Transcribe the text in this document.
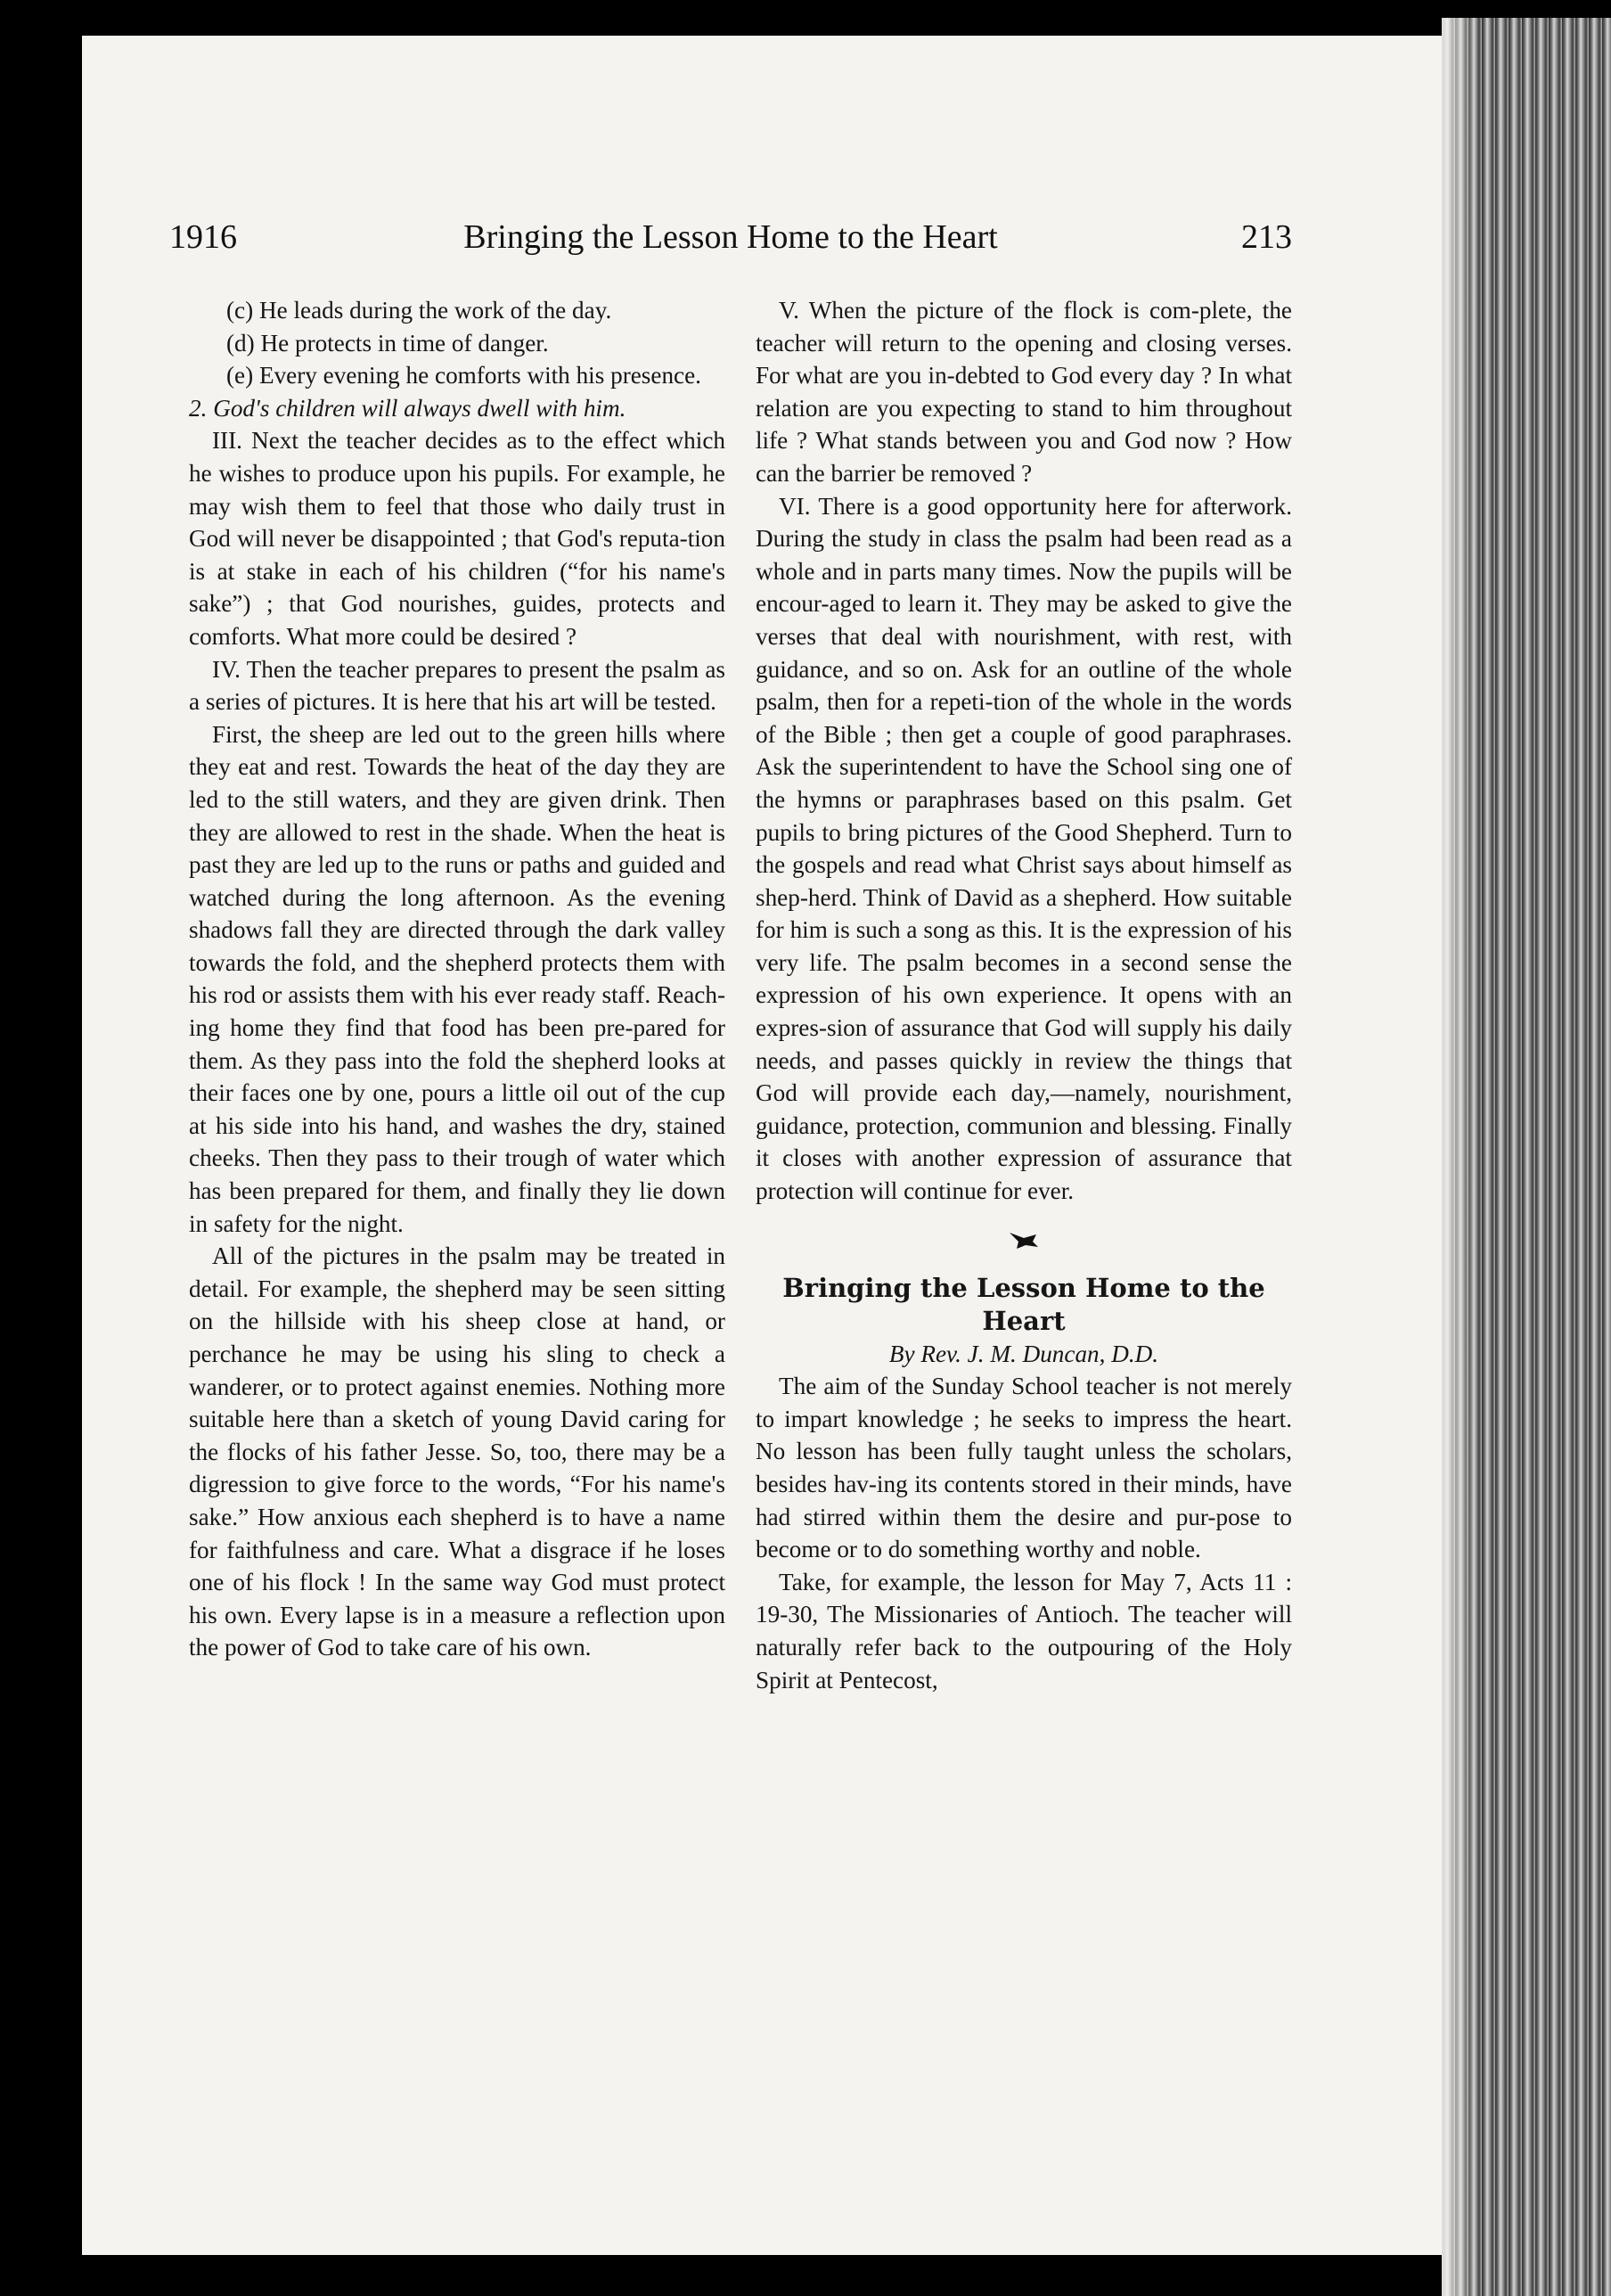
1916	Bringing the Lesson Home to the Heart	213

(c) He leads during the work of the day.

(d) He protects in time of danger.

(e) Every evening he comforts with his presence.

2. God's children will always dwell with him.

III. Next the teacher decides as to the effect which he wishes to produce upon his pupils. For example, he may wish them to feel that those who daily trust in God will never be disappointed ; that God's reputa-tion is at stake in each of his children (“for his name's sake”) ; that God nourishes, guides, protects and comforts. What more could be desired ?

IV. Then the teacher prepares to present the psalm as a series of pictures. It is here that his art will be tested.

First, the sheep are led out to the green hills where they eat and rest. Towards the heat of the day they are led to the still waters, and they are given drink. Then they are allowed to rest in the shade. When the heat is past they are led up to the runs or paths and guided and watched during the long afternoon. As the evening shadows fall they are directed through the dark valley towards the fold, and the shepherd protects them with his rod or assists them with his ever ready staff. Reach-ing home they find that food has been pre-pared for them. As they pass into the fold the shepherd looks at their faces one by one, pours a little oil out of the cup at his side into his hand, and washes the dry, stained cheeks. Then they pass to their trough of water which has been prepared for them, and finally they lie down in safety for the night.

All of the pictures in the psalm may be treated in detail. For example, the shepherd may be seen sitting on the hillside with his sheep close at hand, or perchance he may be using his sling to check a wanderer, or to protect against enemies. Nothing more suitable here than a sketch of young David caring for the flocks of his father Jesse. So, too, there may be a digression to give force to the words, “For his name's sake.” How anxious each shepherd is to have a name for faithfulness and care. What a disgrace if he loses one of his flock ! In the same way God must protect his own. Every lapse is in a measure a reflection upon the power of God to take care of his own.

V. When the picture of the flock is com-plete, the teacher will return to the opening and closing verses. For what are you in-debted to God every day ? In what relation are you expecting to stand to him throughout life ? What stands between you and God now ? How can the barrier be removed ?

VI. There is a good opportunity here for afterwork. During the study in class the psalm had been read as a whole and in parts many times. Now the pupils will be encour-aged to learn it. They may be asked to give the verses that deal with nourishment, with rest, with guidance, and so on. Ask for an outline of the whole psalm, then for a repeti-tion of the whole in the words of the Bible ; then get a couple of good paraphrases. Ask the superintendent to have the School sing one of the hymns or paraphrases based on this psalm. Get pupils to bring pictures of the Good Shepherd. Turn to the gospels and read what Christ says about himself as shep-herd. Think of David as a shepherd. How suitable for him is such a song as this. It is the expression of his very life. The psalm becomes in a second sense the expression of his own experience. It opens with an expres-sion of assurance that God will supply his daily needs, and passes quickly in review the things that God will provide each day,—namely, nourishment, guidance, protection, communion and blessing. Finally it closes with another expression of assurance that protection will continue for ever.

Bringing the Lesson Home to the Heart

By Rev. J. M. Duncan, D.D.

The aim of the Sunday School teacher is not merely to impart knowledge ; he seeks to impress the heart. No lesson has been fully taught unless the scholars, besides hav-ing its contents stored in their minds, have had stirred within them the desire and pur-pose to become or to do something worthy and noble.

Take, for example, the lesson for May 7, Acts 11 : 19-30, The Missionaries of Antioch. The teacher will naturally refer back to the outpouring of the Holy Spirit at Pentecost,
